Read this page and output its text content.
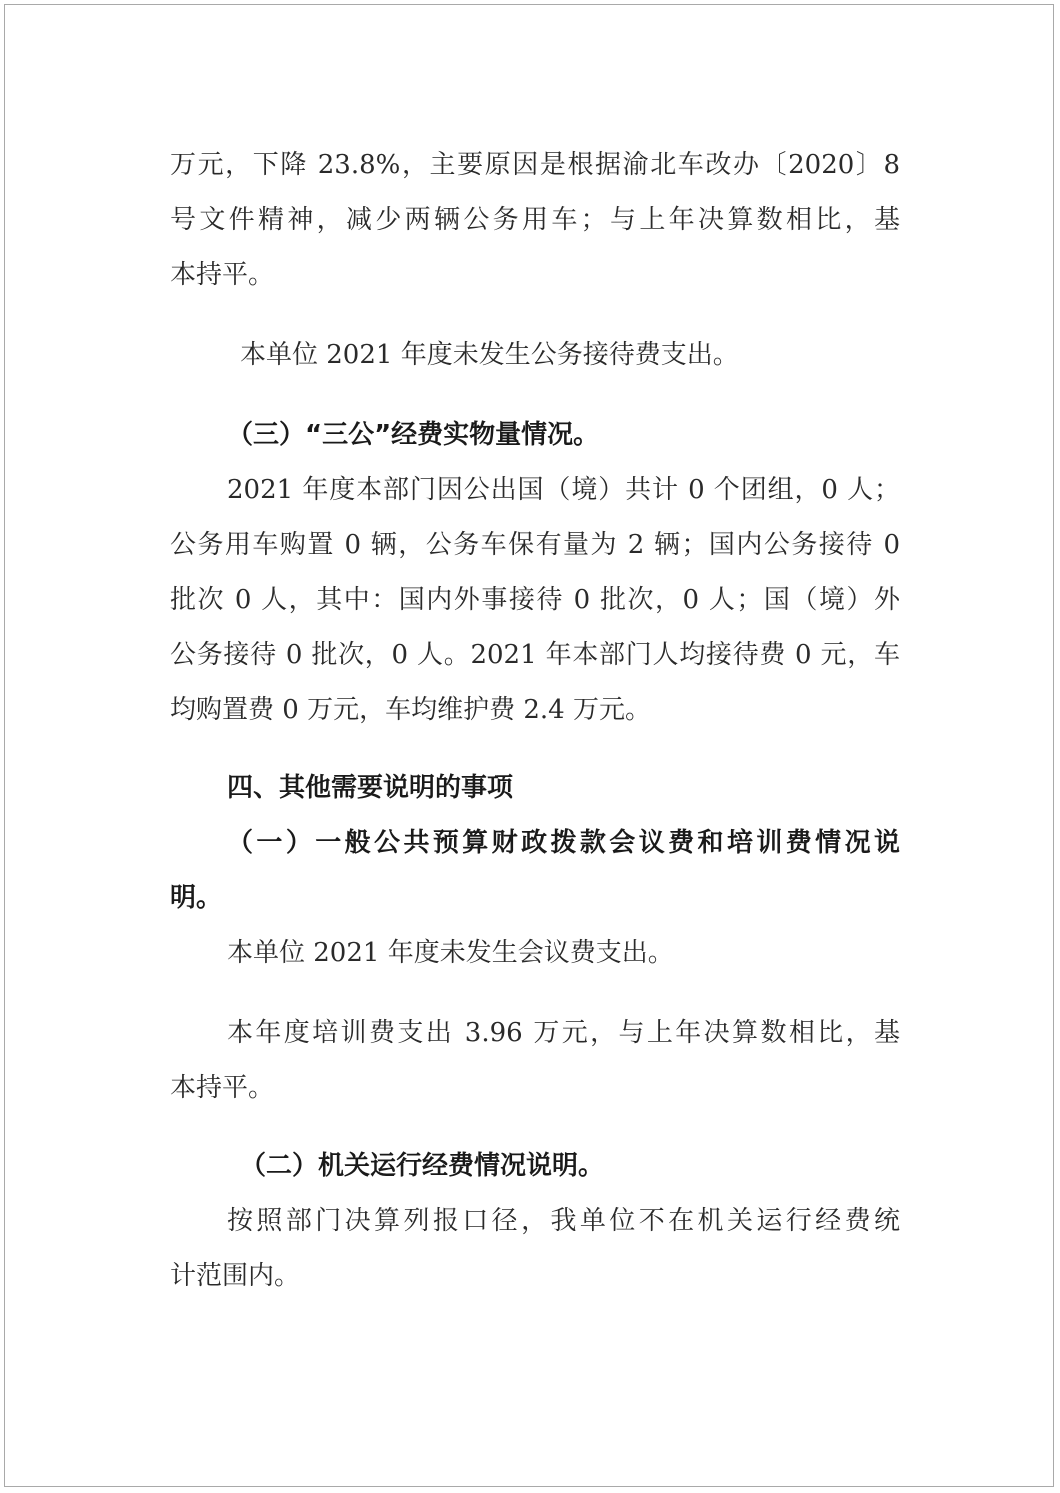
万元，下降 23.8%，主要原因是根据渝北车改办〔2020〕8
号文件精神，减少两辆公务用车；与上年决算数相比，基
本持平。
本单位 2021 年度未发生公务接待费支出。
（三）“三公”经费实物量情况。
2021 年度本部门因公出国（境）共计 0 个团组，0 人；
公务用车购置 0 辆，公务车保有量为 2 辆；国内公务接待 0
批次 0 人，其中：国内外事接待 0 批次，0 人；国（境）外
公务接待 0 批次，0 人。2021 年本部门人均接待费 0 元，车
均购置费 0 万元，车均维护费 2.4 万元。
四、其他需要说明的事项
（一）一般公共预算财政拨款会议费和培训费情况说
明。
本单位 2021 年度未发生会议费支出。
本年度培训费支出 3.96 万元，与上年决算数相比，基
本持平。
（二）机关运行经费情况说明。
按照部门决算列报口径，我单位不在机关运行经费统
计范围内。
